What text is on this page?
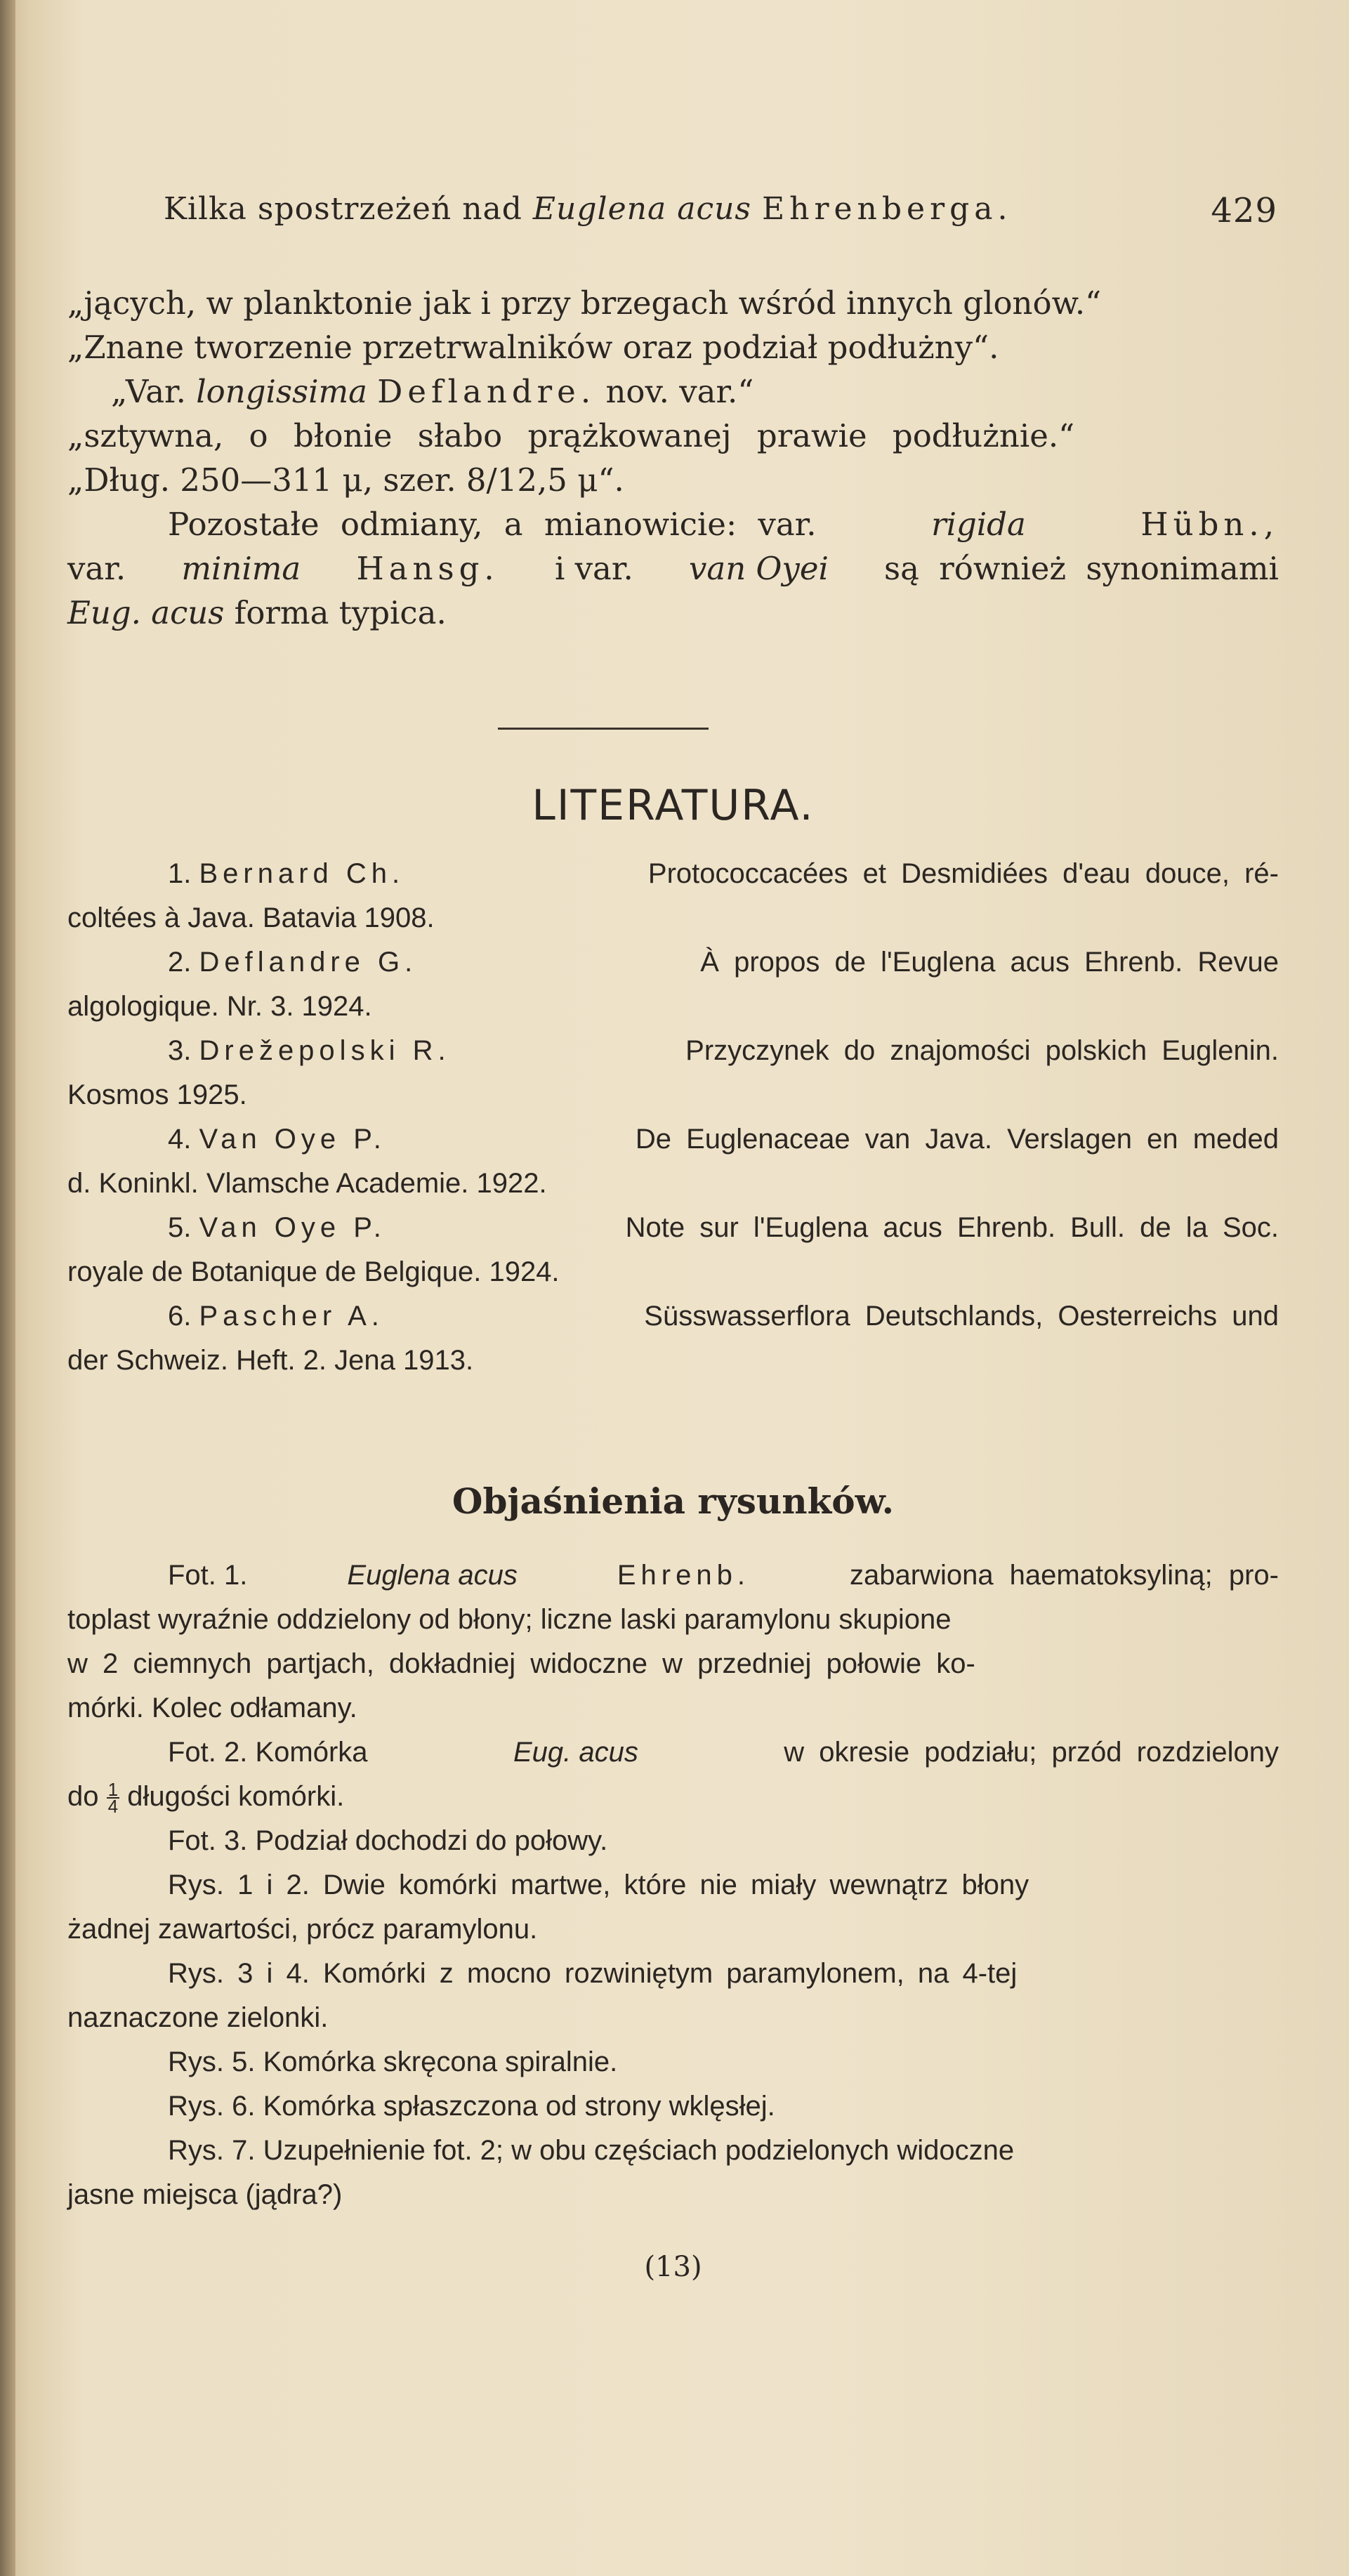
Kilka spostrzeżeń nad Euglena acus Ehrenberga.	429
„jących, w planktonie jak i przy brzegach wśród innych glonów.“
„Znane tworzenie przetrwalników oraz podział podłużny“.
„Var. longissima Deflandre. nov. var.“
„sztywna, o błonie słabo prążkowanej prawie podłużnie.“
„Dług. 250—311 μ, szer. 8/12,5 μ“.
Pozostałe odmiany, a mianowicie: var.	rigida	Hübn.,
var. minima Hansg. i var. van Oyei są również synonimami
Eug. acus forma typica.
LITERATURA.
1. Bernard Ch.	Protococcacées et Desmidiées d'eau douce, ré-
coltées à Java. Batavia 1908.
2. Deflandre G.	À propos de l'Euglena acus Ehrenb. Revue
algologique. Nr. 3. 1924.
3. Drežepolski R.	Przyczynek do znajomości polskich Euglenin.
Kosmos 1925.
4. Van Oye P.	De Euglenaceae van Java. Verslagen en meded
d. Koninkl. Vlamsche Academie. 1922.
5. Van Oye P.	Note sur l'Euglena acus Ehrenb. Bull. de la Soc.
royale de Botanique de Belgique. 1924.
6. Pascher A.	Süsswasserflora Deutschlands, Oesterreichs und
der Schweiz. Heft. 2. Jena 1913.
Objaśnienia rysunków.
Fot. 1.	Euglena acus	Ehrenb.	zabarwiona haematoksyliną; pro-
toplast wyraźnie oddzielony od błony; liczne laski paramylonu skupione
w 2 ciemnych partjach, dokładniej widoczne w przedniej połowie ko-
mórki. Kolec odłamany.
Fot. 2. Komórka	Eug. acus	w okresie podziału; przód rozdzielony
do $\frac{1}{4}$ długości komórki.
Fot. 3. Podział dochodzi do połowy.
Rys. 1 i 2. Dwie komórki martwe, które nie miały wewnątrz błony
żadnej zawartości, prócz paramylonu.
Rys. 3 i 4. Komórki z mocno rozwiniętym paramylonem, na 4-tej
naznaczone zielonki.
Rys. 5. Komórka skręcona spiralnie.
Rys. 6. Komórka spłaszczona od strony wklęsłej.
Rys. 7. Uzupełnienie fot. 2; w obu częściach podzielonych widoczne
jasne miejsca (jądra?)
(13)
